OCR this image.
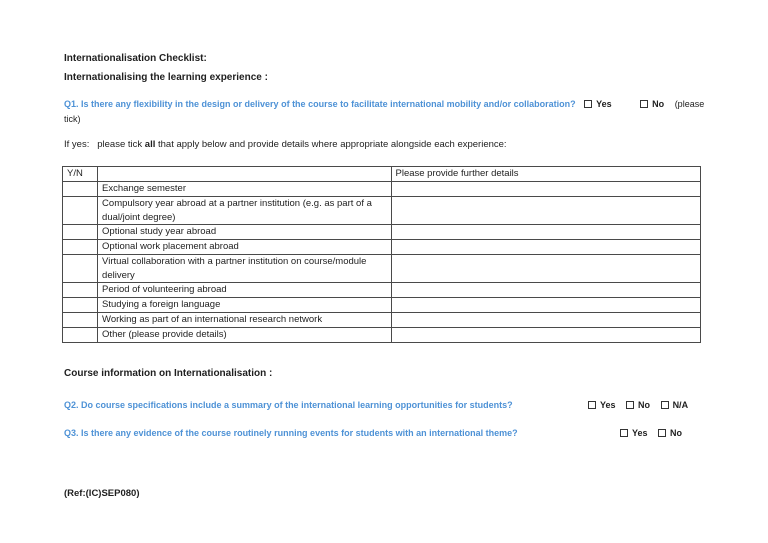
Internationalisation Checklist:
Internationalising the learning experience :
Q1. Is there any flexibility in the design or delivery of the course to facilitate international mobility and/or collaboration? Yes	No (please
tick)
If yes:   please tick all that apply below and provide details where appropriate alongside each experience:
Y/N		Please provide further details
	Exchange semester	
	Compulsory year abroad at a partner institution (e.g. as part of a dual/joint degree)	
	Optional study year abroad	
	Optional work placement abroad	
	Virtual collaboration with a partner institution on course/module delivery	
	Period of volunteering abroad	
	Studying a foreign language	
	Working as part of an international research network	
	Other (please provide details)	
Course information on Internationalisation :
Q2. Do course specifications include a summary of the international learning opportunities for students?	Yes	No	N/A
Q3. Is there any evidence of the course routinely running events for students with an international theme?	Yes	No
(Ref:(IC)SEP080)
